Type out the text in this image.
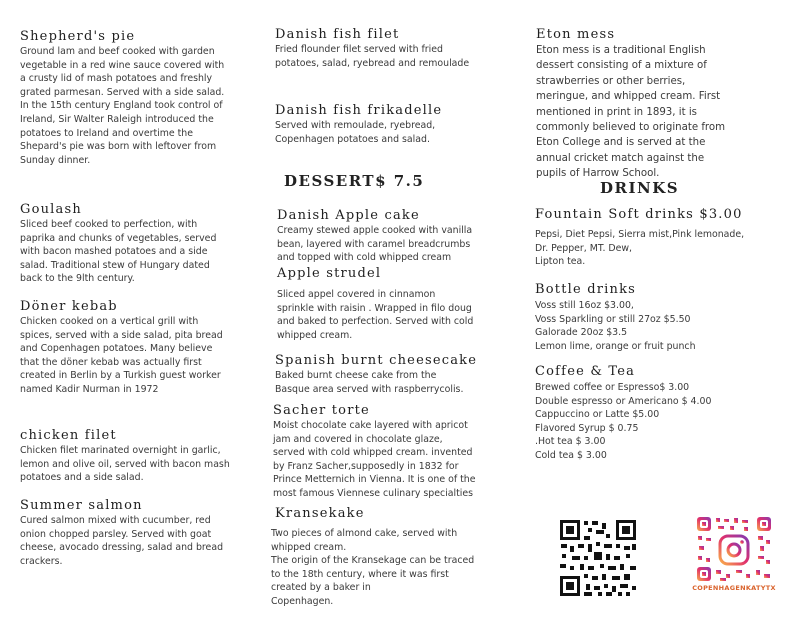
Shepherd's pie

Ground lam and beef cooked with garden
vegetable in a red wine sauce covered with
a crusty lid of mash potatoes and freshly
grated parmesan. Served with a side salad.
In the 15th century England took control of
Ireland, Sir Walter Raleigh introduced the
potatoes to Ireland and overtime the
Shepard's pie was born with leftover from
Sunday dinner.

Goulash

Sliced beef cooked to perfection, with
paprika and chunks of vegetables, served
with bacon mashed potatoes and a side
salad. Traditional stew of Hungary dated
back to the 9lth century.

Döner kebab

Chicken cooked on a vertical grill with
spices, served with a side salad, pita bread
and Copenhagen potatoes. Many believe
that the döner kebab was actually first
created in Berlin by a Turkish guest worker
named Kadir Nurman in 1972

chicken filet

Chicken filet marinated overnight in garlic,
lemon and olive oil, served with bacon mash
potatoes and a side salad.

Summer salmon

Cured salmon mixed with cucumber, red
onion chopped parsley. Served with goat
cheese, avocado dressing, salad and bread
crackers.

Danish fish filet

Fried flounder filet served with fried
potatoes, salad, ryebread and remoulade

Danish fish frikadelle

Served with remoulade, ryebread,
Copenhagen potatoes and salad.

DESSERT$ 7.5
Danish Apple cake

Creamy stewed apple cooked with vanilla
bean, layered with caramel breadcrumbs
and topped with cold whipped cream

Apple strudel

Sliced appel covered in cinnamon
sprinkle with raisin . Wrapped in filo doug
and baked to perfection. Served with cold
whipped cream.

Spanish burnt cheesecake

Baked burnt cheese cake from the
Basque area served with raspberrycolis.

Sacher torte

Moist chocolate cake layered with apricot
jam and covered in chocolate glaze,
served with cold whipped cream. invented
by Franz Sacher,supposedly in 1832 for
Prince Metternich in Vienna. It is one of the
most famous Viennese culinary specialties

Kransekake

Two pieces of almond cake, served with
whipped cream.
The origin of the Kransekage can be traced
to the 18th century, where it was first
created by a baker in
Copenhagen.

Eton mess

Eton mess is a traditional English
dessert consisting of a mixture of
strawberries or other berries,
meringue, and whipped cream. First
mentioned in print in 1893, it is
commonly believed to originate from
Eton College and is served at the
annual cricket match against the
pupils of Harrow School.

DRINKS
Fountain Soft drinks $3.00
Pepsi, Diet Pepsi, Sierra mist,Pink lemonade,
Dr. Pepper, MT. Dew,
Lipton tea.
Bottle drinks
Voss still 16oz $3.00,
Voss Sparkling or still 27oz $5.50
Galorade 20oz $3.5
Lemon lime, orange or fruit punch
Coffee & Tea
Brewed coffee or Espresso$ 3.00
Double espresso or Americano $ 4.00
Cappuccino or Latte $5.00
Flavored Syrup $ 0.75
.Hot tea $ 3.00
Cold tea $ 3.00
COPENHAGENKATYTX
